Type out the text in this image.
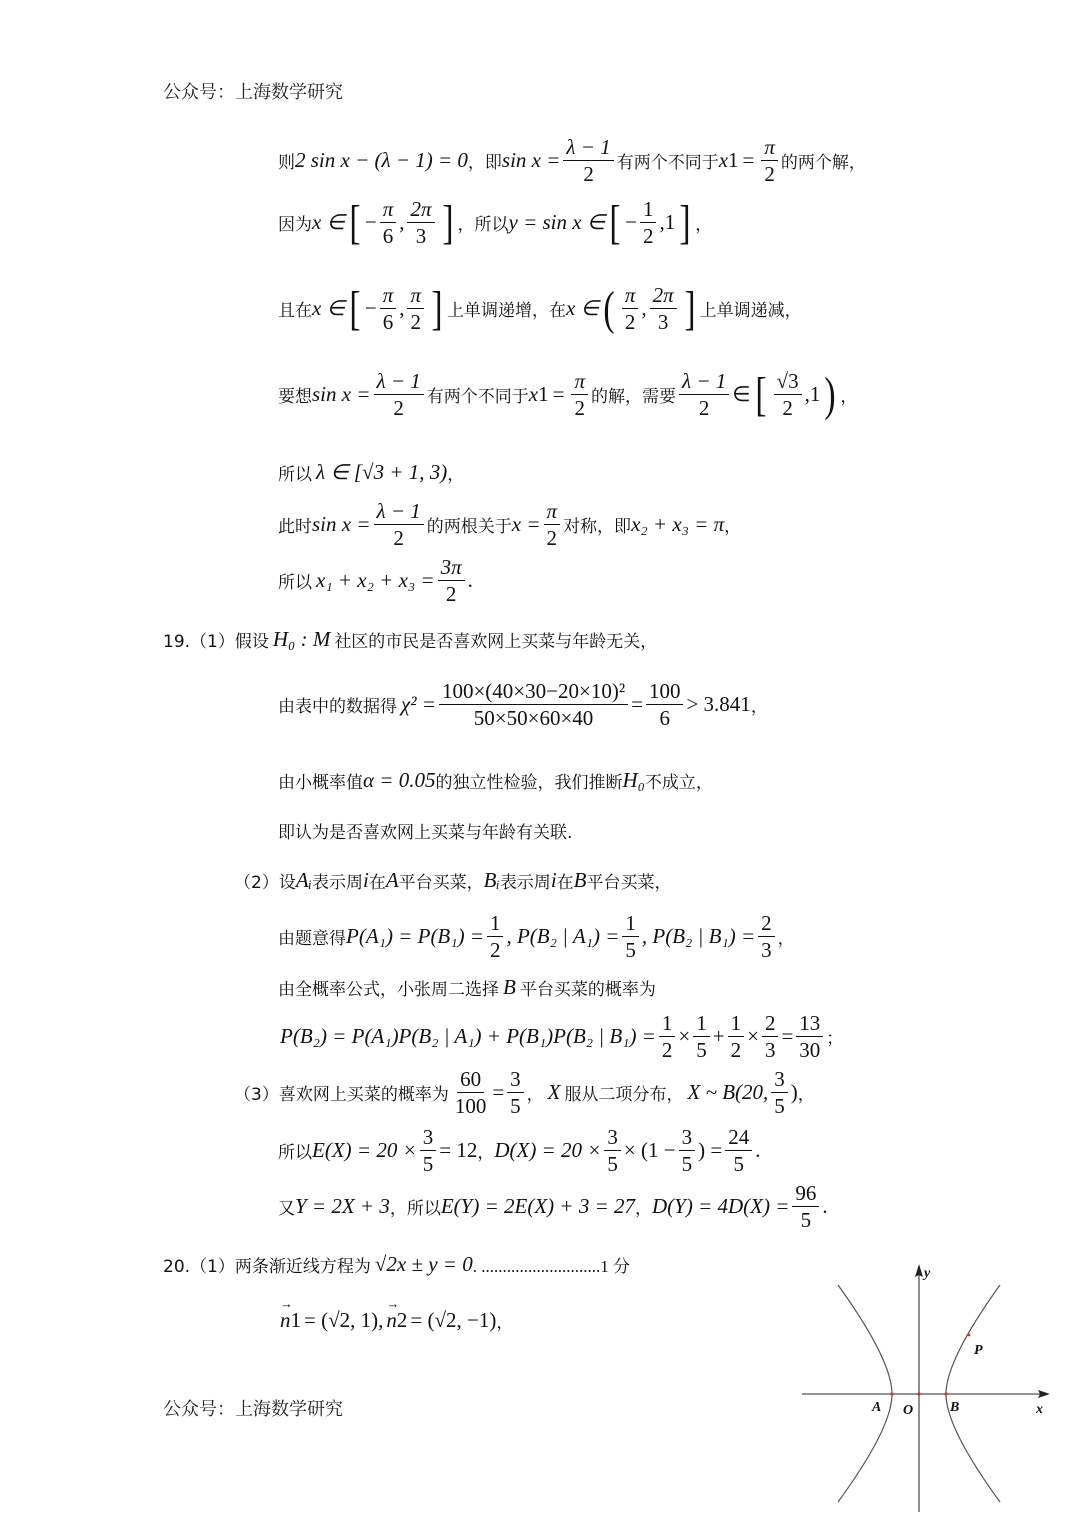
公众号：上海数学研究
则 2 sin x − (λ − 1) = 0 ，即 $\sin x = \frac{\lambda - 1}{2}$ 有两个不同于 x $1 = \frac{\pi}{2}$ 的两个解，
因为 x ∈ [ − $\frac{\pi}{6}$ , $\frac{2\pi}{3}$ ] ，所以 y = sin x ∈ [ − $\frac{1}{2} ,1$ ] ，
且在 x ∈ [ − $\frac{\pi}{6}$ , $\frac{\pi}{2}$ ] 上单调递增，在 x ∈ ( $\frac{\pi}{2}$ , $\frac{2\pi}{3}$ ] 上单调递减，
要想 $\sin x = \frac{\lambda - 1}{2}$ 有两个不同于 x $1 = \frac{\pi}{2}$ 的解，需要 $\frac{\lambda - 1}{2}$ ∈ [ $\frac{√3}{2} ,1$ ) ，
所以 λ ∈ [√3 + 1, 3) ，
此时 $\sin x = \frac{\lambda - 1}{2}$ 的两根关于 $x = \frac{\pi}{2}$ 对称，即 x₂ + x₃ = π ，
所以 $x_1 + x_2 + x_3 = \frac{3\pi}{2}$ .
19.（1）假设 H₀ : M 社区的市民是否喜欢网上买菜与年龄无关，
由表中的数据得 $\chi^2 = \frac{\text{100×(40×30−20×10)²}}{50\times 50\times 60\times 40} = \frac{100}{6} > 3.841$ ，
由小概率值 α = 0.05 的独立性检验，我们推断 H₀ 不成立，
即认为是否喜欢网上买菜与年龄有关联.
（2）设 Aᵢ 表示周 i 在 A 平台买菜， Bᵢ 表示周 i 在 B 平台买菜，
由题意得 $P(A_1) = P(B_1) = \frac{1}{2}$ , P(B₂ | $A_1) = \frac{1}{5}$ , P(B₂ | $B_1) = \frac{2}{3}$ ，
由全概率公式，小张周二选择 B 平台买菜的概率为
P(B₂) = P(A₁)P(B₂ | A₁) + P(B₁)P(B₂ | $B_1) = \frac{1}{2} \times \frac{1}{5} + \frac{1}{2} \times \frac{2}{3} = \frac{13}{30}$ ；
（3）喜欢网上买菜的概率为 $\frac{60}{100} = \frac{3}{5}$ ， X 服从二项分布， X ~ B(20, $\frac{3}{5}$ ) ，
所以 $E(X) = 20 \times \frac{3}{5} = 12$ ， $D(X) = 20 \times \frac{3}{5} \times (1 - \frac{3}{5}$ ) = $\frac{24}{5}$ .
又 Y = 2X + 3 ，所以 E(Y) = 2E(X) + 3 = 27 ， $D(Y) = 4D(X) = \frac{96}{5}$ .
20.（1）两条渐近线方程为 √2x ± y = 0 . ............................1 分
→ n 1 = (√2, 1), → n 2 = (√2, −1) ，
公众号：上海数学研究
y
x
A O	B
P
